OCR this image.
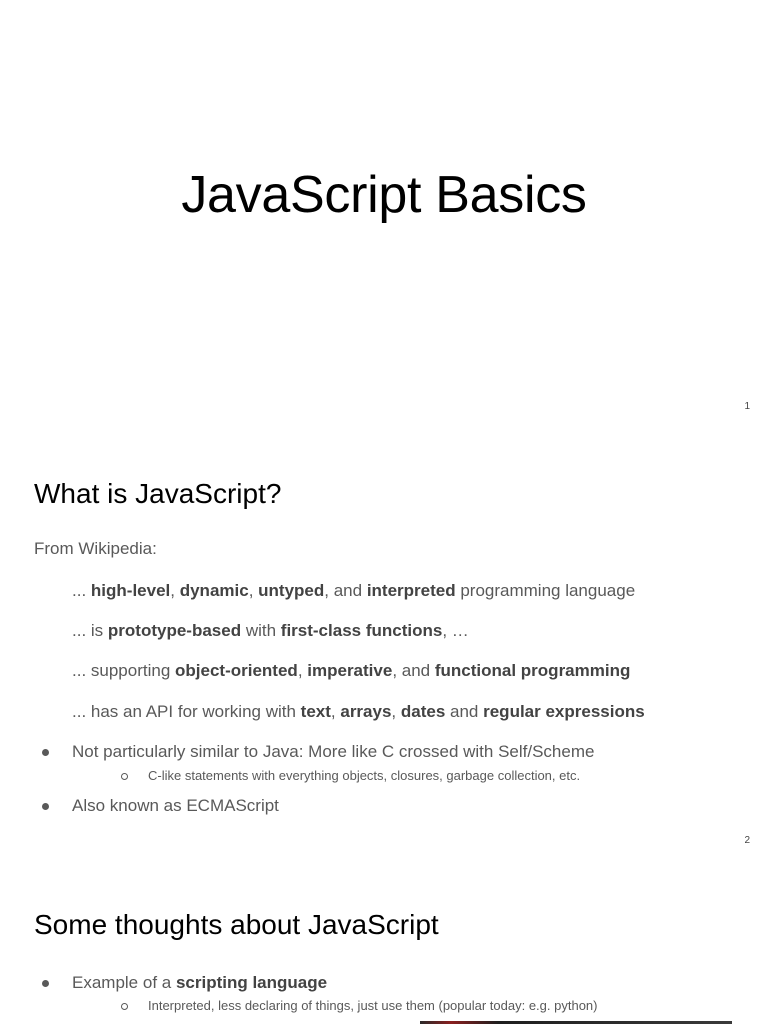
JavaScript Basics
1
What is JavaScript?
From Wikipedia:
... high-level, dynamic, untyped, and interpreted programming language
... is prototype-based with first-class functions, …
... supporting object-oriented, imperative, and functional programming
... has an API for working with text, arrays, dates and regular expressions
Not particularly similar to Java: More like C crossed with Self/Scheme
C-like statements with everything objects, closures, garbage collection, etc.
Also known as ECMAScript
2
Some thoughts about JavaScript
Example of a scripting language
Interpreted, less declaring of things, just use them (popular today: e.g. python)
